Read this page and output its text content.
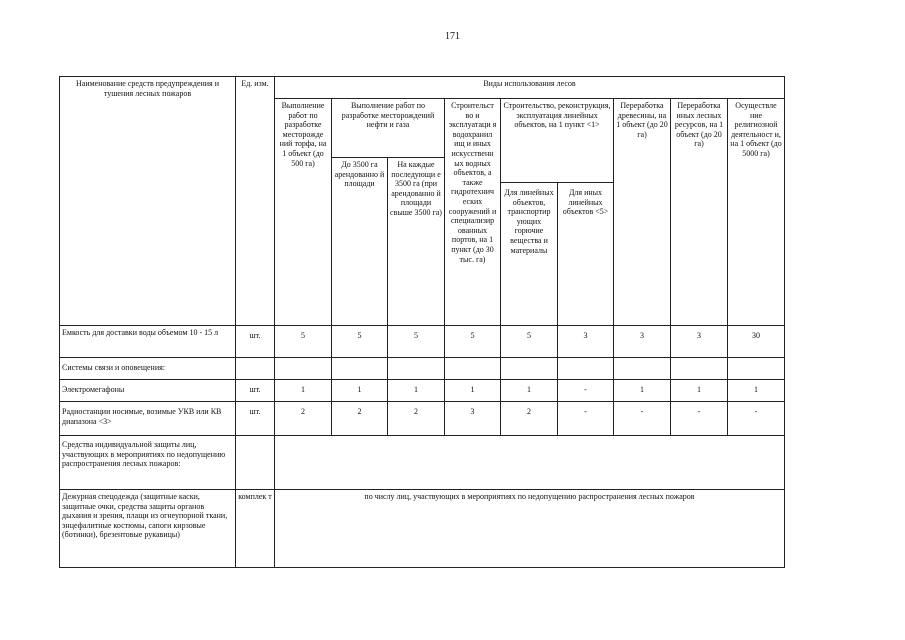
171
Наименование средств предупреждения и тушения лесных пожаров	Ед. изм.	Виды использования лесов								
		Выполнение работ по разработке месторожде ний торфа, на 1 объект (до 500 га)	Выполнение работ по разработке месторождений нефти и газа		Строительст во и эксплуатаци я водохранил ищ и иных искусственн ых водных объектов, а также гидротехнич еских сооружений и специализир ованных портов, на 1 пункт (до 30 тыс. га)	Строительство, реконструкция, эксплуатация линейных объектов, на 1 пункт <1>		Переработка древесины, на 1 объект (до 20 га)	Переработка иных лесных ресурсов, на 1 объект (до 20 га)	Осуществле ние религиозной деятельност и, на 1 объект (до 5000 га)
			До 3500 га арендованно й площади	На каждые последующи е 3500 га (при арендованно й площади свыше 3500 га)						
						Для линейных объектов, транспортир ующих горючие вещества и материалы	Для иных линейных объектов <5>			
Емкость для доставки воды объемом 10 - 15 л	шт.	5	5	5	5	5	3	3	3	30
Системы связи и оповещения:										
Электромегафоны	шт.	1	1	1	1	1	-	1	1	1
Радиостанции носимые, возимые УКВ или КВ диапазона <3>	шт.	2	2	2	3	2	-	-	-	-
Средства индивидуальной защиты лиц, участвующих в мероприятиях по недопущению распространения лесных пожаров:										
Дежурная спецодежда (защитные каски, защитные очки, средства защиты органов дыхания и зрения, плащи из огнеупорной ткани, энцефалитные костюмы, сапоги кирзовые (ботинки), брезентовые рукавицы)	комплек т	по числу лиц, участвующих в мероприятиях по недопущению распространения лесных пожаров								
